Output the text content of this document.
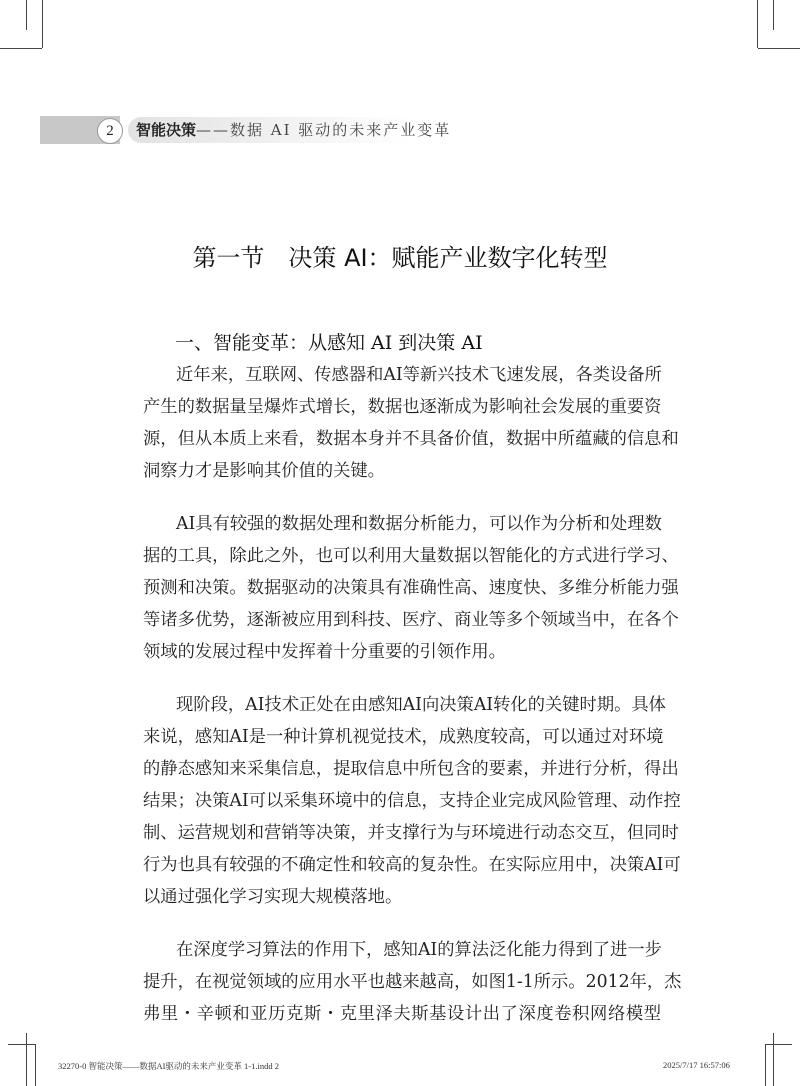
2	智能决策——数据 AI 驱动的未来产业变革
第一节　决策 AI：赋能产业数字化转型
一、智能变革：从感知 AI 到决策 AI
近年来，互联网、传感器和AI等新兴技术飞速发展，各类设备所
产生的数据量呈爆炸式增长，数据也逐渐成为影响社会发展的重要资
源，但从本质上来看，数据本身并不具备价值，数据中所蕴藏的信息和
洞察力才是影响其价值的关键。
AI具有较强的数据处理和数据分析能力，可以作为分析和处理数
据的工具，除此之外，也可以利用大量数据以智能化的方式进行学习、
预测和决策。数据驱动的决策具有准确性高、速度快、多维分析能力强
等诸多优势，逐渐被应用到科技、医疗、商业等多个领域当中，在各个
领域的发展过程中发挥着十分重要的引领作用。
现阶段，AI技术正处在由感知AI向决策AI转化的关键时期。具体
来说，感知AI是一种计算机视觉技术，成熟度较高，可以通过对环境
的静态感知来采集信息，提取信息中所包含的要素，并进行分析，得出
结果；决策AI可以采集环境中的信息，支持企业完成风险管理、动作控
制、运营规划和营销等决策，并支撑行为与环境进行动态交互，但同时
行为也具有较强的不确定性和较高的复杂性。在实际应用中，决策AI可
以通过强化学习实现大规模落地。
在深度学习算法的作用下，感知AI的算法泛化能力得到了进一步
提升，在视觉领域的应用水平也越来越高，如图1-1所示。2012年，杰
弗里・辛顿和亚历克斯・克里泽夫斯基设计出了深度卷积网络模型
32270-0 智能决策——数据AI驱动的未来产业变革 1-1.indd 2	2025/7/17 16:57:06
